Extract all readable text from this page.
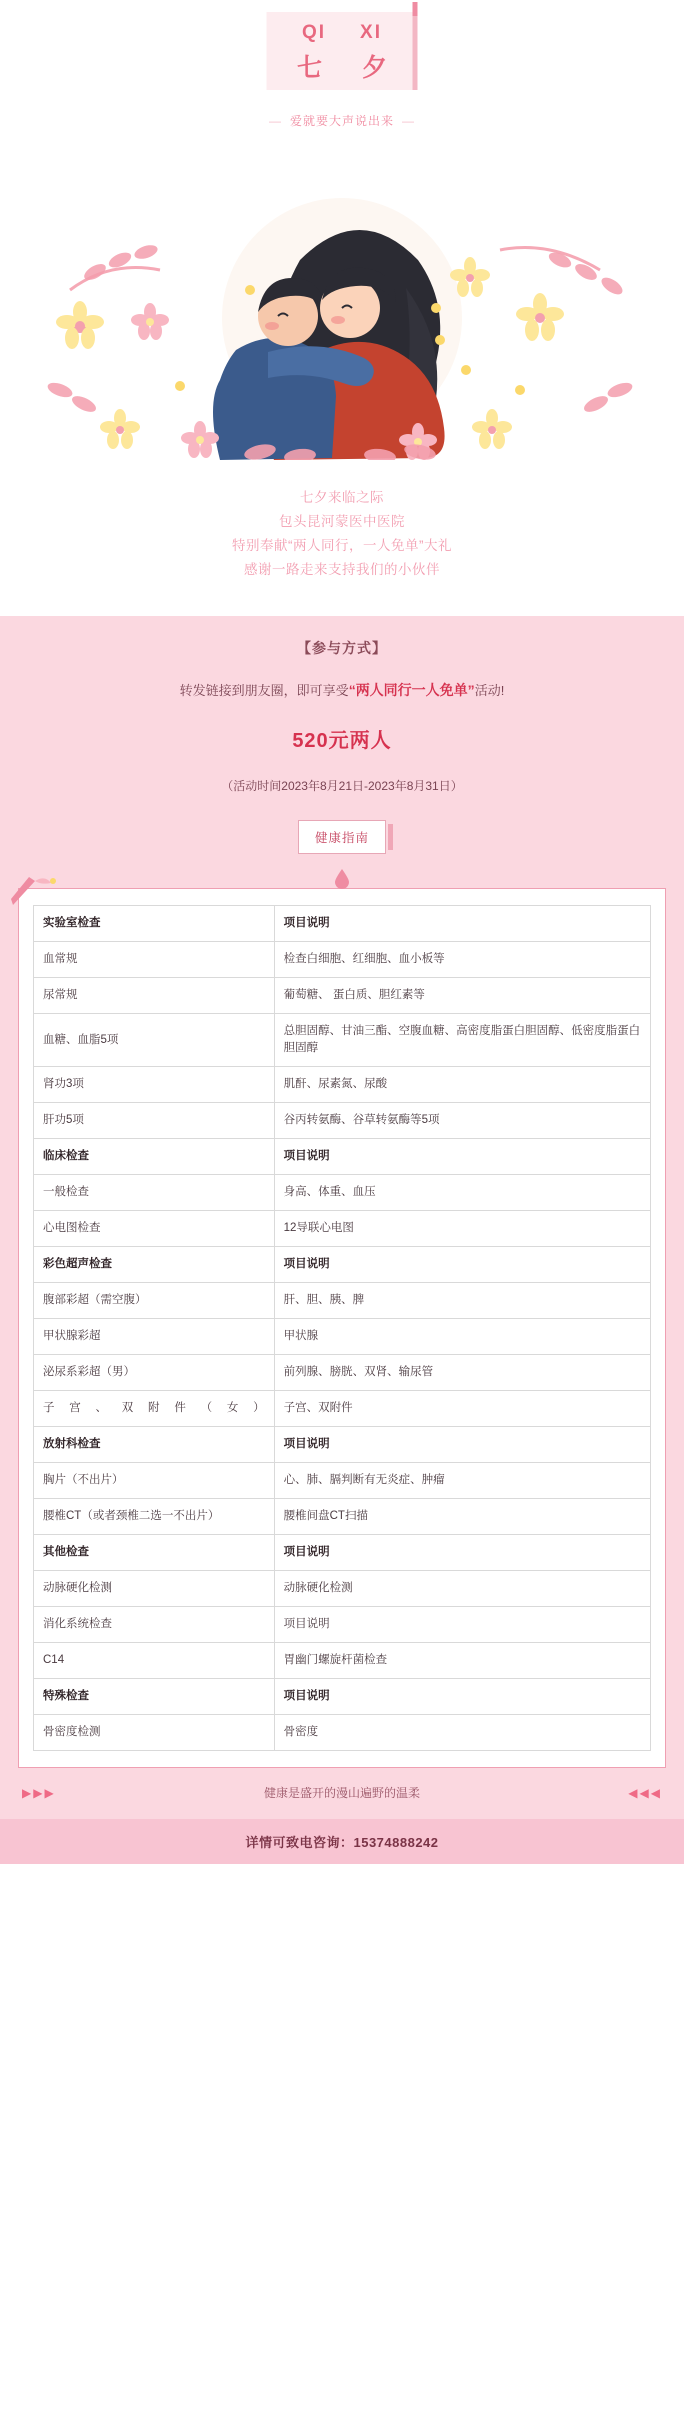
QI XI
七 夕
— 爱就要大声说出来 —
七夕来临之际
包头昆河蒙医中医院
特别奉献“两人同行，一人免单”大礼
感谢一路走来支持我们的小伙伴
【参与方式】
转发链接到朋友圈，即可享受“两人同行一人免单”活动!
520元两人
（活动时间2023年8月21日-2023年8月31日）
健康指南
实验室检查	项目说明
血常规	检查白细胞、红细胞、血小板等
尿常规	葡萄糖、 蛋白质、胆红素等
血糖、血脂5项	总胆固醇、甘油三酯、空腹血糖、高密度脂蛋白胆固醇、低密度脂蛋白胆固醇
肾功3项	肌酐、尿素氮、尿酸
肝功5项	谷丙转氨酶、谷草转氨酶等5项
临床检查	项目说明
一般检查	身高、体重、血压
心电图检查	12导联心电图
彩色超声检查	项目说明
腹部彩超（需空腹）	肝、胆、胰、脾
甲状腺彩超	甲状腺
泌尿系彩超（男）	前列腺、膀胱、双肾、输尿管
子宫、双附件（女）	子宫、双附件
放射科检查	项目说明
胸片（不出片）	心、肺、膈判断有无炎症、肿瘤
腰椎CT（或者颈椎二选一不出片）	腰椎间盘CT扫描
其他检查	项目说明
动脉硬化检测	动脉硬化检测
消化系统检查	项目说明
C14	胃幽门螺旋杆菌检查
特殊检查	项目说明
骨密度检测	骨密度
▶▶▶	健康是盛开的漫山遍野的温柔	◀◀◀
详情可致电咨询：15374888242
